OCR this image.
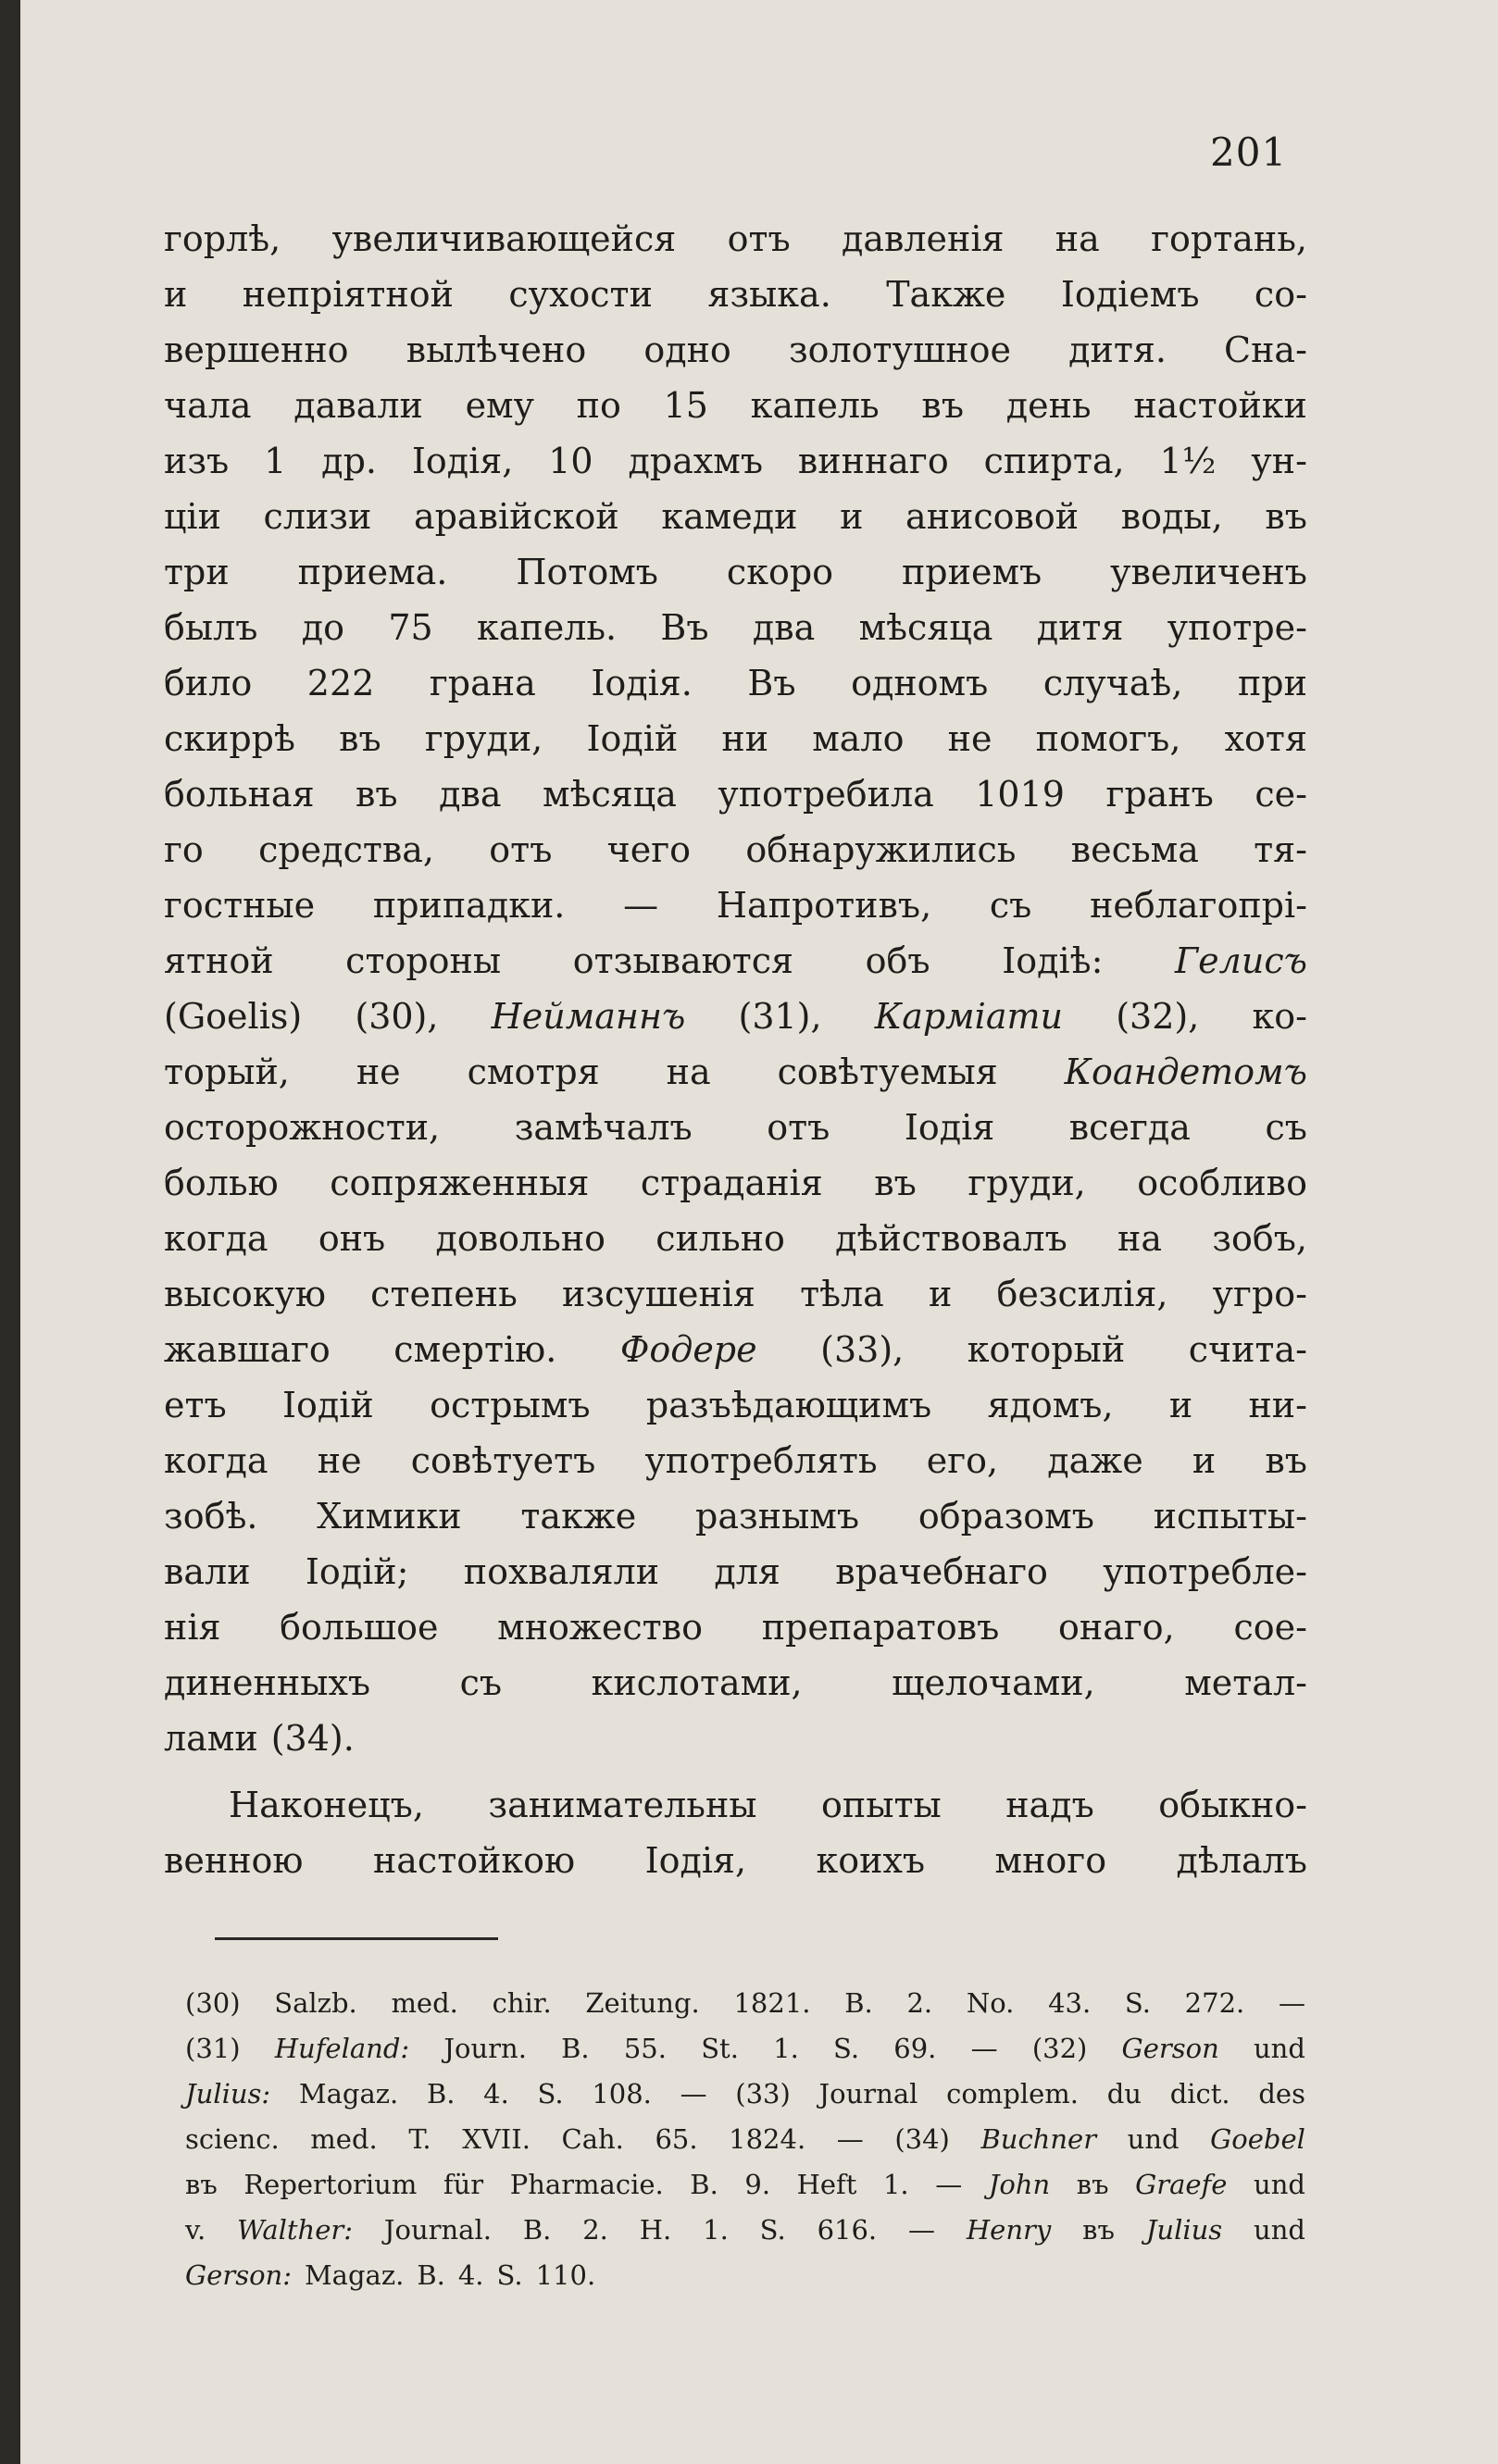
201
горлѣ, увеличивающейся отъ давленія на гортань,
и непріятной сухости языка. Также Іодіемъ со-
вершенно вылѣчено одно золотушное дитя. Сна-
чала давали ему по 15 капель въ день настойки
изъ 1 др. Іодія, 10 драхмъ виннаго спирта, 1½ ун-
ціи слизи аравійской камеди и анисовой воды, въ
три приема. Потомъ скоро приемъ увеличенъ
былъ до 75 капель. Въ два мѣсяца дитя употре-
било 222 грана Іодія. Въ одномъ случаѣ, при
скиррѣ въ груди, Іодій ни мало не помогъ, хотя
больная въ два мѣсяца употребила 1019 гранъ се-
го средства, отъ чего обнаружились весьма тя-
гостные припадки. — Напротивъ, съ неблагопрі-
ятной стороны отзываются объ Іодіѣ: Гелисъ
(Goelis) (30), Нейманнъ (31), Карміати (32), ко-
торый, не смотря на совѣтуемыя Коандетомъ
осторожности, замѣчалъ отъ Іодія всегда съ
болью сопряженныя страданія въ груди, особливо
когда онъ довольно сильно дѣйствовалъ на зобъ,
высокую степень изсушенія тѣла и безсилія, угро-
жавшаго смертію. Фодере (33), который счита-
етъ Іодій острымъ разъѣдающимъ ядомъ, и ни-
когда не совѣтуетъ употреблять его, даже и въ
зобѣ. Химики также разнымъ образомъ испыты-
вали Іодій; похваляли для врачебнаго употребле-
нія большое множество препаратовъ онаго, сое-
диненныхъ	съ	кислотами,	щелочами,	метал-
лами (34).
Наконецъ, занимательны опыты надъ обыкно-
венною настойкою Іодія, коихъ много дѣлалъ
(30) Salzb. med. chir. Zeitung. 1821. B. 2. No. 43. S. 272. —
(31) Hufeland: Journ. B. 55. St. 1. S. 69. — (32) Gerson und
Julius: Magaz. B. 4. S. 108. — (33) Journal complem. du dict. des
scienc. med. T. XVII. Cah. 65. 1824. — (34) Buchner und Goebel
въ Repertorium für Pharmacie. B. 9. Heft 1. — John въ Graefe und
v. Walther: Journal. B. 2. H. 1. S. 616. — Henry въ Julius und
Gerson: Magaz. B. 4. S. 110.
